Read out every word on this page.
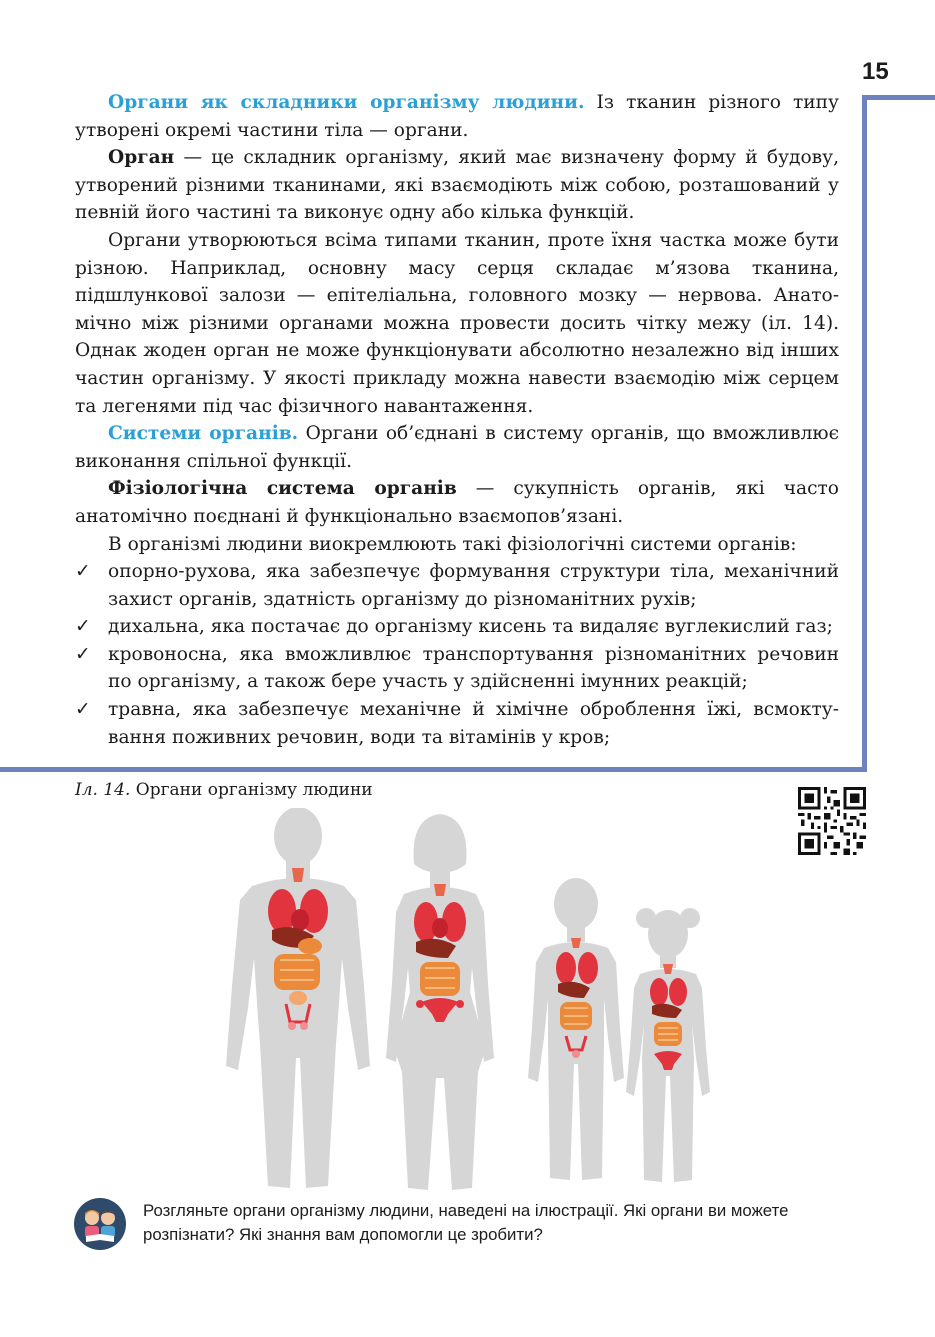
15

Органи як складники організму людини. Із тканин різного типу утворені окремі частини тіла — органи.

Орган — це складник організму, який має визначену форму й будову, утворений різними тканинами, які взаємодіють між собою, розташований у певній його частині та виконує одну або кілька функцій.

Органи утворюються всіма типами тканин, проте їхня частка може бути різною. Наприклад, основну масу серця складає м’язова тканина, підшлункової залози — епітеліальна, головного мозку — нервова. Анатомічно між різними органами можна провести досить чітку межу (іл. 14). Однак жоден орган не може функціонувати абсолютно незалежно від інших частин організму. У якості прикладу можна навести взаємодію між серцем та легенями під час фізичного навантаження.

Системи органів. Органи об’єднані в систему органів, що вможливлює виконання спільної функції.

Фізіологічна система органів — сукупність органів, які часто анатомічно поєднані й функціонально взаємопов’язані.

В організмі людини виокремлюють такі фізіологічні системи органів:

✓ опорно-рухова, яка забезпечує формування структури тіла, механічний захист органів, здатність організму до різноманітних рухів;
✓ дихальна, яка постачає до організму кисень та видаляє вуглекислий газ;
✓ кровоносна, яка вможливлює транспортування різноманітних речовин по організму, а також бере участь у здійсненні імунних реакцій;
✓ травна, яка забезпечує механічне й хімічне оброблення їжі, всмоктування поживних речовин, води та вітамінів у кров;
Іл. 14. Органи організму людини
Розгляньте органи організму людини, наведені на ілюстрації. Які органи ви можете розпізнати? Які знання вам допомогли це зробити?
